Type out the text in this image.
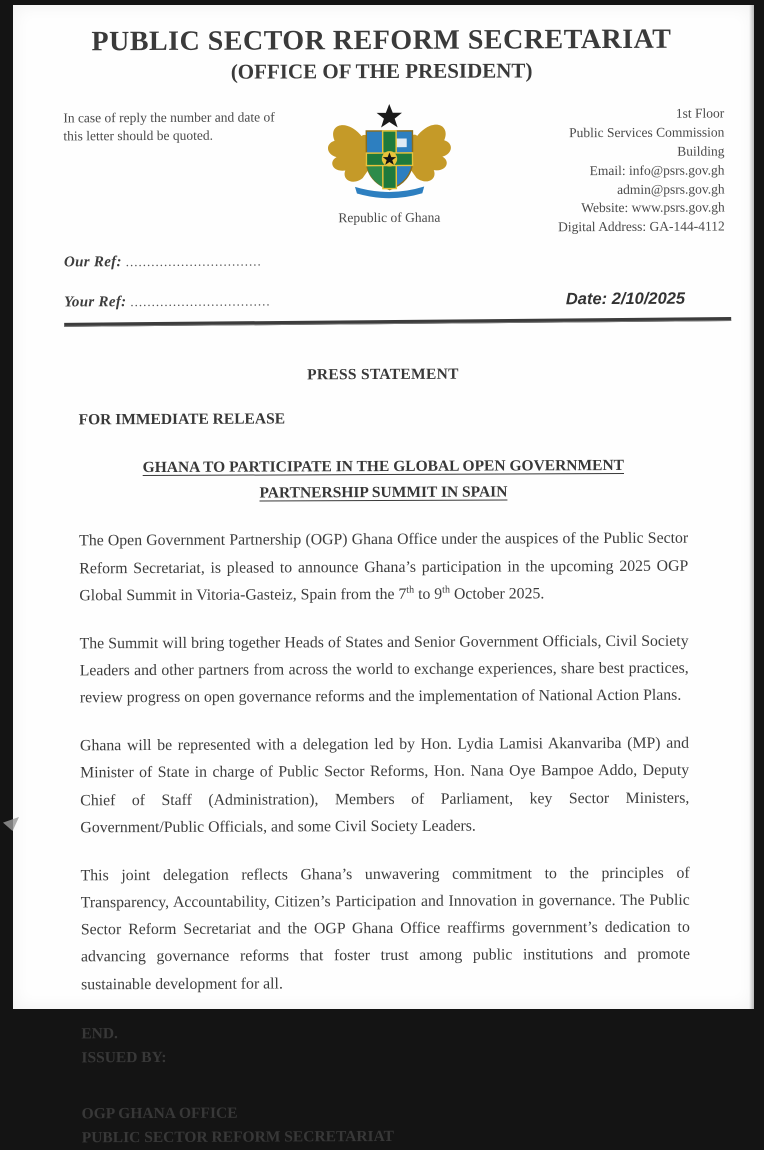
PUBLIC SECTOR REFORM SECRETARIAT
(OFFICE OF THE PRESIDENT)
In case of reply the number and date of this letter should be quoted.
Republic of Ghana
1st Floor
Public Services Commission
Building
Email: info@psrs.gov.gh
admin@psrs.gov.gh
Website: www.psrs.gov.gh
Digital Address: GA-144-4112
Our Ref: ................................
Your Ref: .................................	Date: 2/10/2025
PRESS STATEMENT
FOR IMMEDIATE RELEASE
GHANA TO PARTICIPATE IN THE GLOBAL OPEN GOVERNMENT
PARTNERSHIP SUMMIT IN SPAIN
The Open Government Partnership (OGP) Ghana Office under the auspices of the Public Sector Reform Secretariat, is pleased to announce Ghana’s participation in the upcoming 2025 OGP Global Summit in Vitoria-Gasteiz, Spain from the 7th to 9th October 2025.
The Summit will bring together Heads of States and Senior Government Officials, Civil Society Leaders and other partners from across the world to exchange experiences, share best practices, review progress on open governance reforms and the implementation of National Action Plans.
Ghana will be represented with a delegation led by Hon. Lydia Lamisi Akanvariba (MP) and Minister of State in charge of Public Sector Reforms, Hon. Nana Oye Bampoe Addo, Deputy Chief of Staff (Administration), Members of Parliament, key Sector Ministers, Government/Public Officials, and some Civil Society Leaders.
This joint delegation reflects Ghana’s unwavering commitment to the principles of Transparency, Accountability, Citizen’s Participation and Innovation in governance. The Public Sector Reform Secretariat and the OGP Ghana Office reaffirms government’s dedication to advancing governance reforms that foster trust among public institutions and promote sustainable development for all.
END.
ISSUED BY:
OGP GHANA OFFICE
PUBLIC SECTOR REFORM SECRETARIAT
